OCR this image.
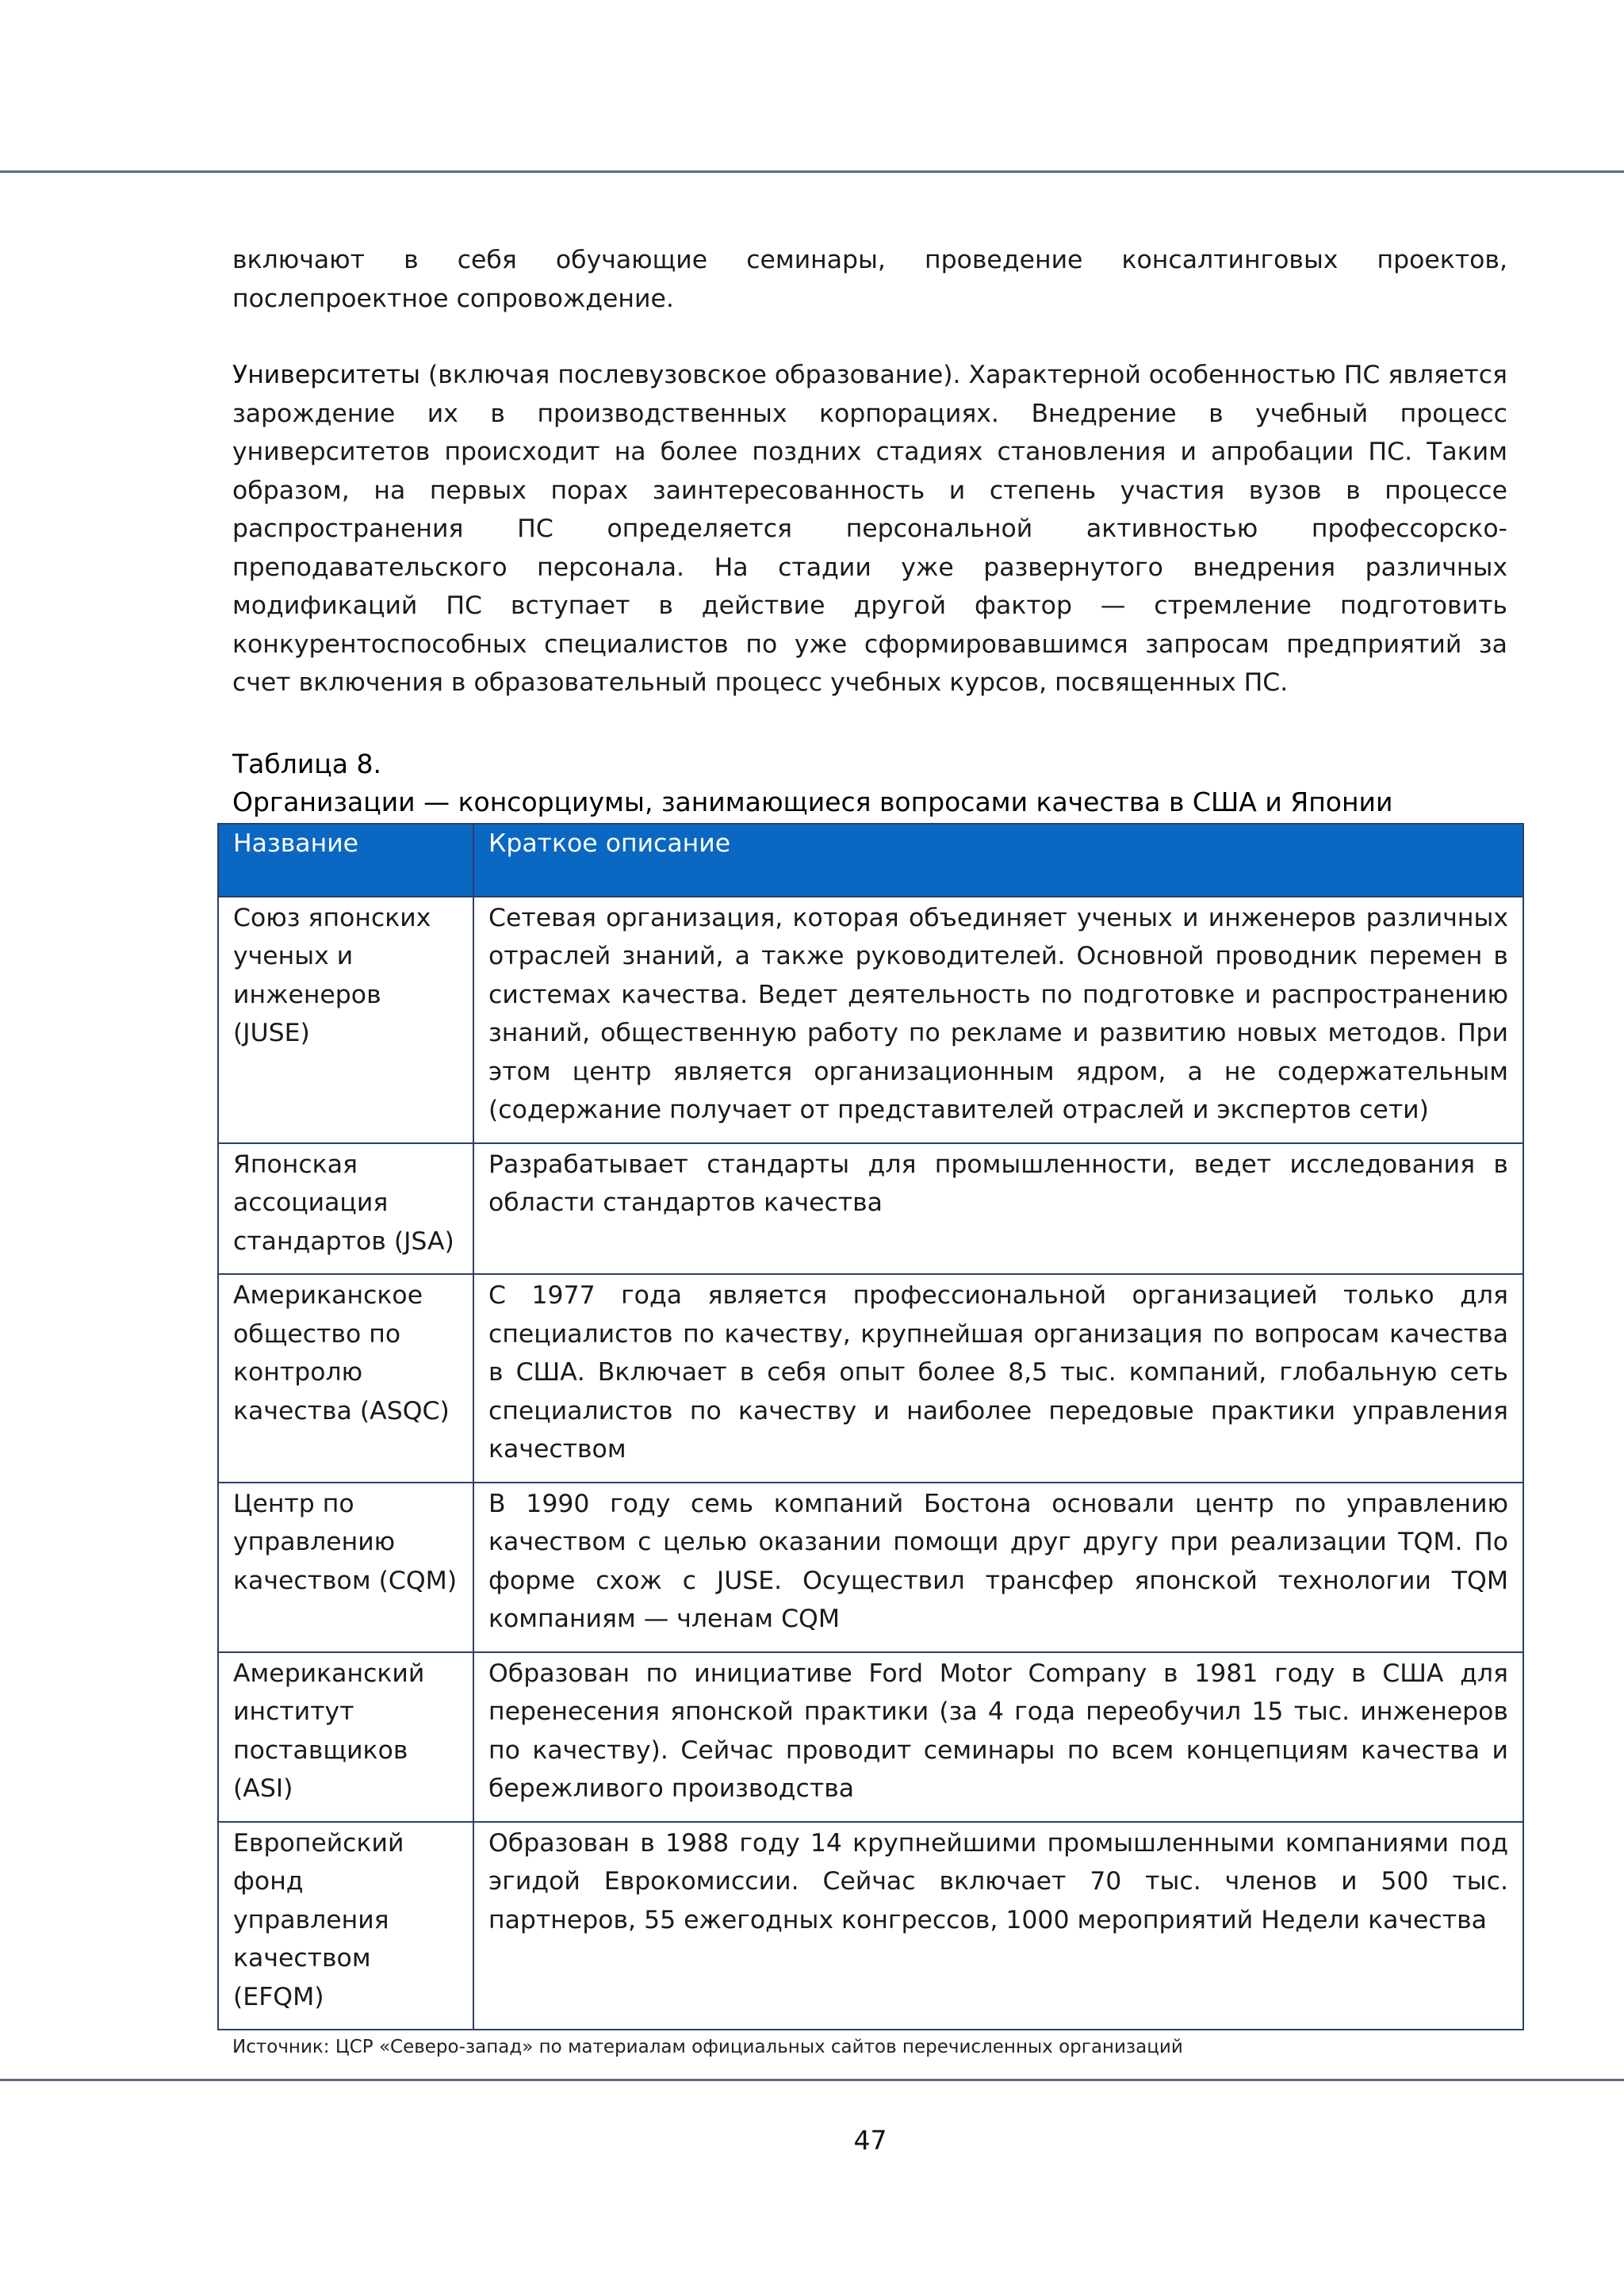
включают в себя обучающие семинары, проведение консалтинговых проектов, послепроектное сопровождение.

Университеты (включая послевузовское образование). Характерной особенностью ПС является зарождение их в производственных корпорациях. Внедрение в учебный процесс университетов происходит на более поздних стадиях становления и апробации ПС. Таким образом, на первых порах заинтересованность и степень участия вузов в процессе распространения ПС определяется персональной активностью профессорско-преподавательского персонала. На стадии уже развернутого внедрения различных модификаций ПС вступает в действие другой фактор — стремление подготовить конкурентоспособных специалистов по уже сформировавшимся запросам предприятий за счет включения в образовательный процесс учебных курсов, посвященных ПС.

Таблица 8.
Организации — консорциумы, занимающиеся вопросами качества в США и Японии
Название	Краткое описание
Союз японских ученых и инженеров (JUSE)	Сетевая организация, которая объединяет ученых и инженеров различных отраслей знаний, а также руководителей. Основной проводник перемен в системах качества. Ведет деятельность по подготовке и распространению знаний, общественную работу по рекламе и развитию новых методов. При этом центр является организационным ядром, а не содержательным (содержание получает от представителей отраслей и экспертов сети)
Японская ассоциация стандартов (JSA)	Разрабатывает стандарты для промышленности, ведет исследования в области стандартов качества
Американское общество по контролю качества (ASQC)	С 1977 года является профессиональной организацией только для специалистов по качеству, крупнейшая организация по вопросам качества в США. Включает в себя опыт более 8,5 тыс. компаний, глобальную сеть специалистов по качеству и наиболее передовые практики управления качеством
Центр по управлению качеством (CQM)	В 1990 году семь компаний Бостона основали центр по управлению качеством с целью оказании помощи друг другу при реализации TQM. По форме схож с JUSE. Осуществил трансфер японской технологии TQM компаниям — членам CQM
Американский институт поставщиков (ASI)	Образован по инициативе Ford Motor Company в 1981 году в США для перенесения японской практики (за 4 года переобучил 15 тыс. инженеров по качеству). Сейчас проводит семинары по всем концепциям качества и бережливого производства
Европейский фонд управления качеством (EFQM)	Образован в 1988 году 14 крупнейшими промышленными компаниями под эгидой Еврокомиссии. Сейчас включает 70 тыс. членов и 500 тыс. партнеров, 55 ежегодных конгрессов, 1000 мероприятий Недели качества
Источник: ЦСР «Северо-запад» по материалам официальных сайтов перечисленных организаций
47
